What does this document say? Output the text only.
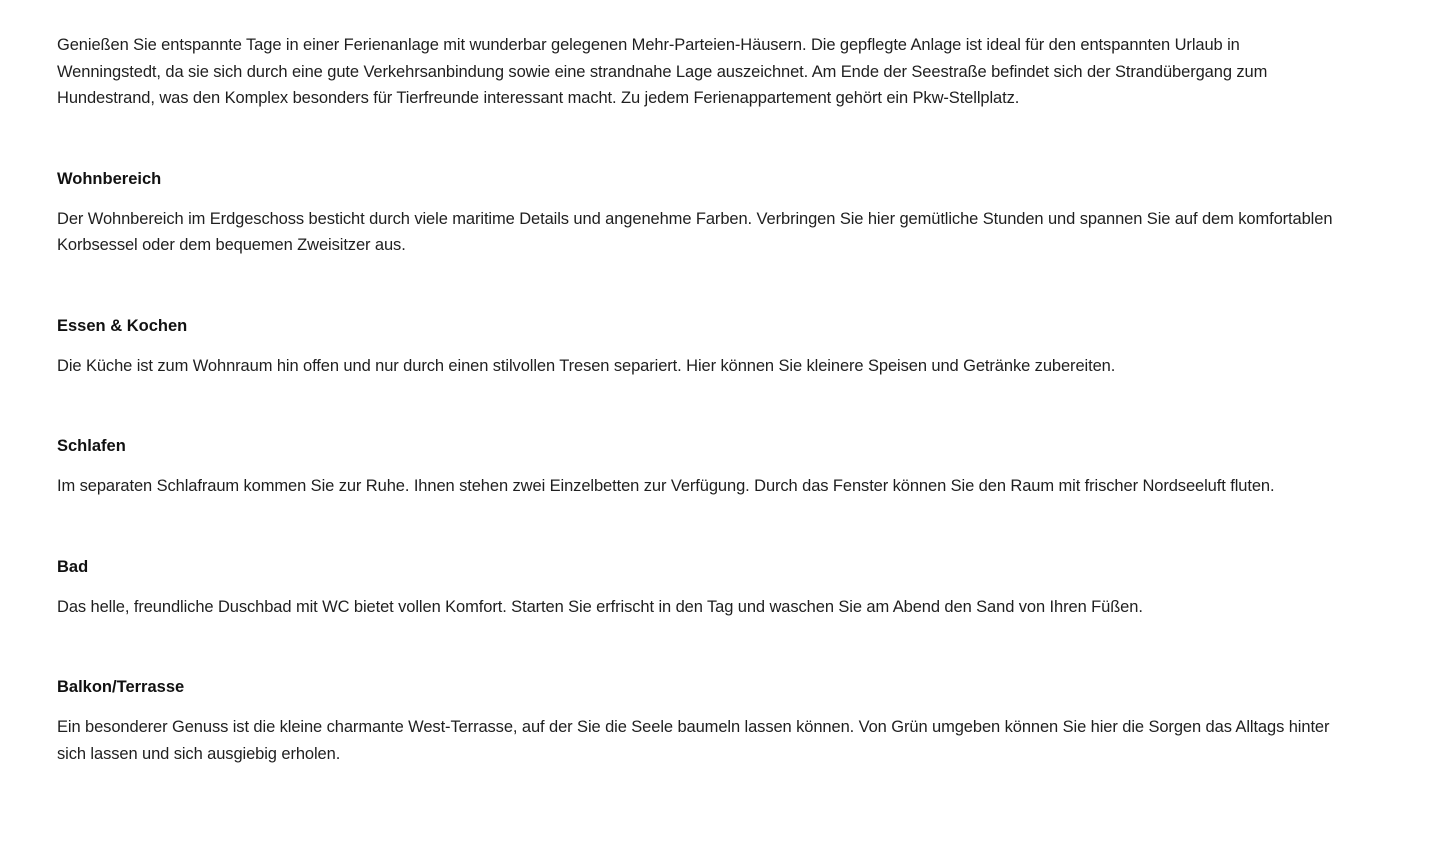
Genießen Sie entspannte Tage in einer Ferienanlage mit wunderbar gelegenen Mehr-Parteien-Häusern. Die gepflegte Anlage ist ideal für den entspannten Urlaub in Wenningstedt, da sie sich durch eine gute Verkehrsanbindung sowie eine strandnahe Lage auszeichnet. Am Ende der Seestraße befindet sich der Strandübergang zum Hundestrand, was den Komplex besonders für Tierfreunde interessant macht. Zu jedem Ferienappartement gehört ein Pkw-Stellplatz.

Wohnbereich

Der Wohnbereich im Erdgeschoss besticht durch viele maritime Details und angenehme Farben. Verbringen Sie hier gemütliche Stunden und spannen Sie auf dem komfortablen Korbsessel oder dem bequemen Zweisitzer aus.

Essen & Kochen

Die Küche ist zum Wohnraum hin offen und nur durch einen stilvollen Tresen separiert. Hier können Sie kleinere Speisen und Getränke zubereiten.

Schlafen

Im separaten Schlafraum kommen Sie zur Ruhe. Ihnen stehen zwei Einzelbetten zur Verfügung. Durch das Fenster können Sie den Raum mit frischer Nordseeluft fluten.

Bad

Das helle, freundliche Duschbad mit WC bietet vollen Komfort. Starten Sie erfrischt in den Tag und waschen Sie am Abend den Sand von Ihren Füßen.

Balkon/Terrasse

Ein besonderer Genuss ist die kleine charmante West-Terrasse, auf der Sie die Seele baumeln lassen können. Von Grün umgeben können Sie hier die Sorgen das Alltags hinter sich lassen und sich ausgiebig erholen.
